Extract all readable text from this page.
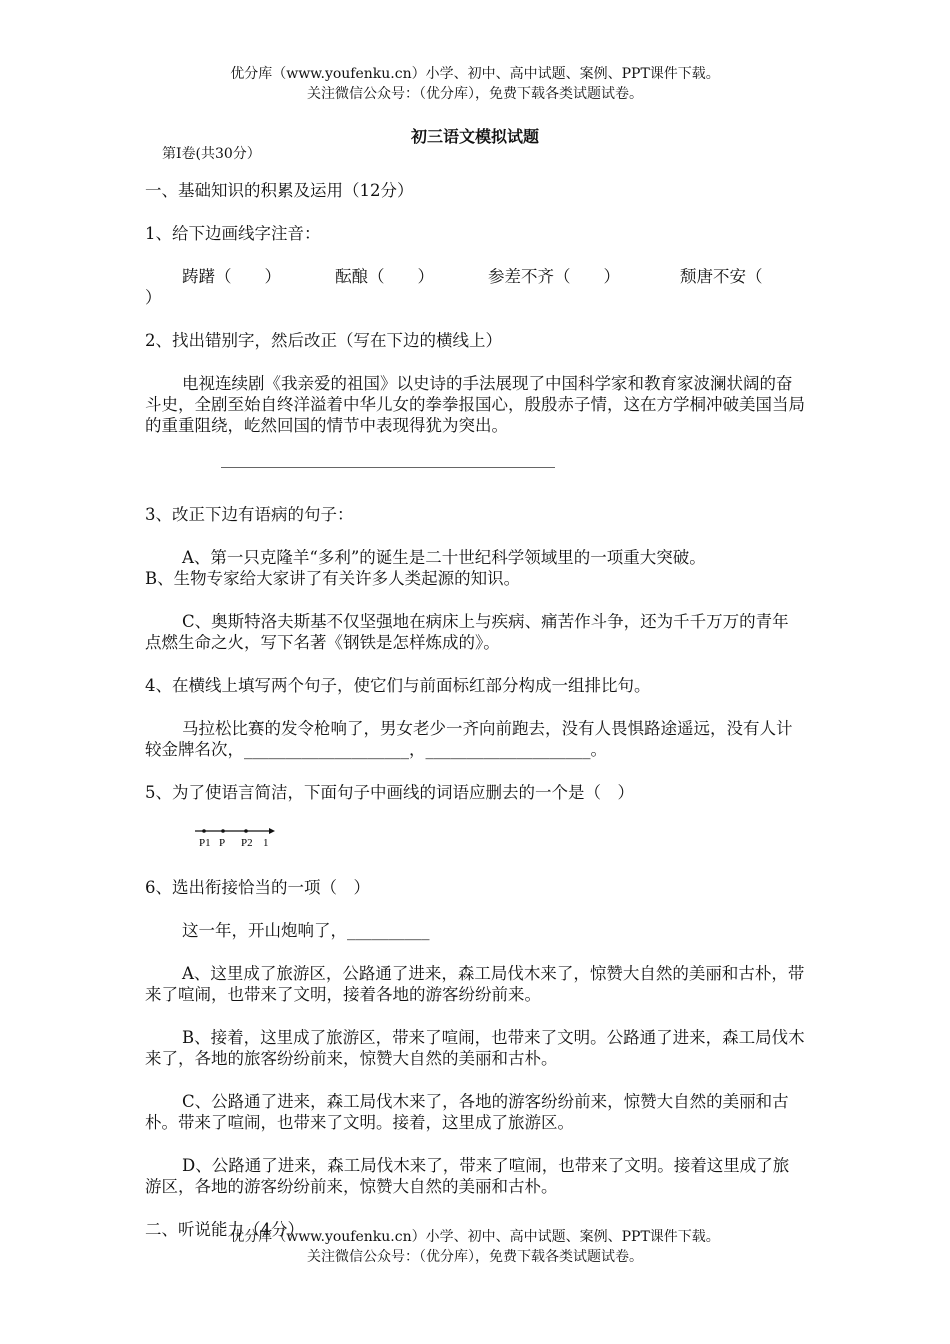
优分库（www.youfenku.cn）小学、初中、高中试题、案例、PPT课件下载。
关注微信公众号：（优分库），免费下载各类试题试卷。
初三语文模拟试题
第Ⅰ卷(共30分）

一、基础知识的积累及运用（12分）

1、给下边画线字注音：

踌躇（　　）	酝酿（　　）	参差不齐（　　）	颓唐不安（

）

2、找出错别字，然后改正（写在下边的横线上）

电视连续剧《我亲爱的祖国》以史诗的手法展现了中国科学家和教育家波澜状阔的奋斗史，全剧至始自终洋溢着中华儿女的拳拳报国心，殷殷赤子情，这在方学桐冲破美国当局的重重阻绕，屹然回国的情节中表现得犹为突出。

3、改正下边有语病的句子：

A、第一只克隆羊“多利”的诞生是二十世纪科学领域里的一项重大突破。

B、生物专家给大家讲了有关许多人类起源的知识。

C、奥斯特洛夫斯基不仅坚强地在病床上与疾病、痛苦作斗争，还为千千万万的青年点燃生命之火，写下名著《钢铁是怎样炼成的》。

4、在横线上填写两个句子，使它们与前面标红部分构成一组排比句。

马拉松比赛的发令枪响了，男女老少一齐向前跑去，没有人畏惧路途遥远，没有人计较金牌名次，____________________，____________________。

5、为了使语言简洁，下面句子中画线的词语应删去的一个是（　）

P1 P P2 1

6、选出衔接恰当的一项（　）

这一年，开山炮响了，__________

A、这里成了旅游区，公路通了进来，森工局伐木来了，惊赞大自然的美丽和古朴，带来了喧闹，也带来了文明，接着各地的游客纷纷前来。

B、接着，这里成了旅游区，带来了喧闹，也带来了文明。公路通了进来，森工局伐木来了，各地的旅客纷纷前来，惊赞大自然的美丽和古朴。

C、公路通了进来，森工局伐木来了，各地的游客纷纷前来，惊赞大自然的美丽和古朴。带来了喧闹，也带来了文明。接着，这里成了旅游区。

D、公路通了进来，森工局伐木来了，带来了喧闹，也带来了文明。接着这里成了旅游区，各地的游客纷纷前来，惊赞大自然的美丽和古朴。

二、听说能力（4分）

优分库（www.youfenku.cn）小学、初中、高中试题、案例、PPT课件下载。
关注微信公众号：（优分库），免费下载各类试题试卷。
